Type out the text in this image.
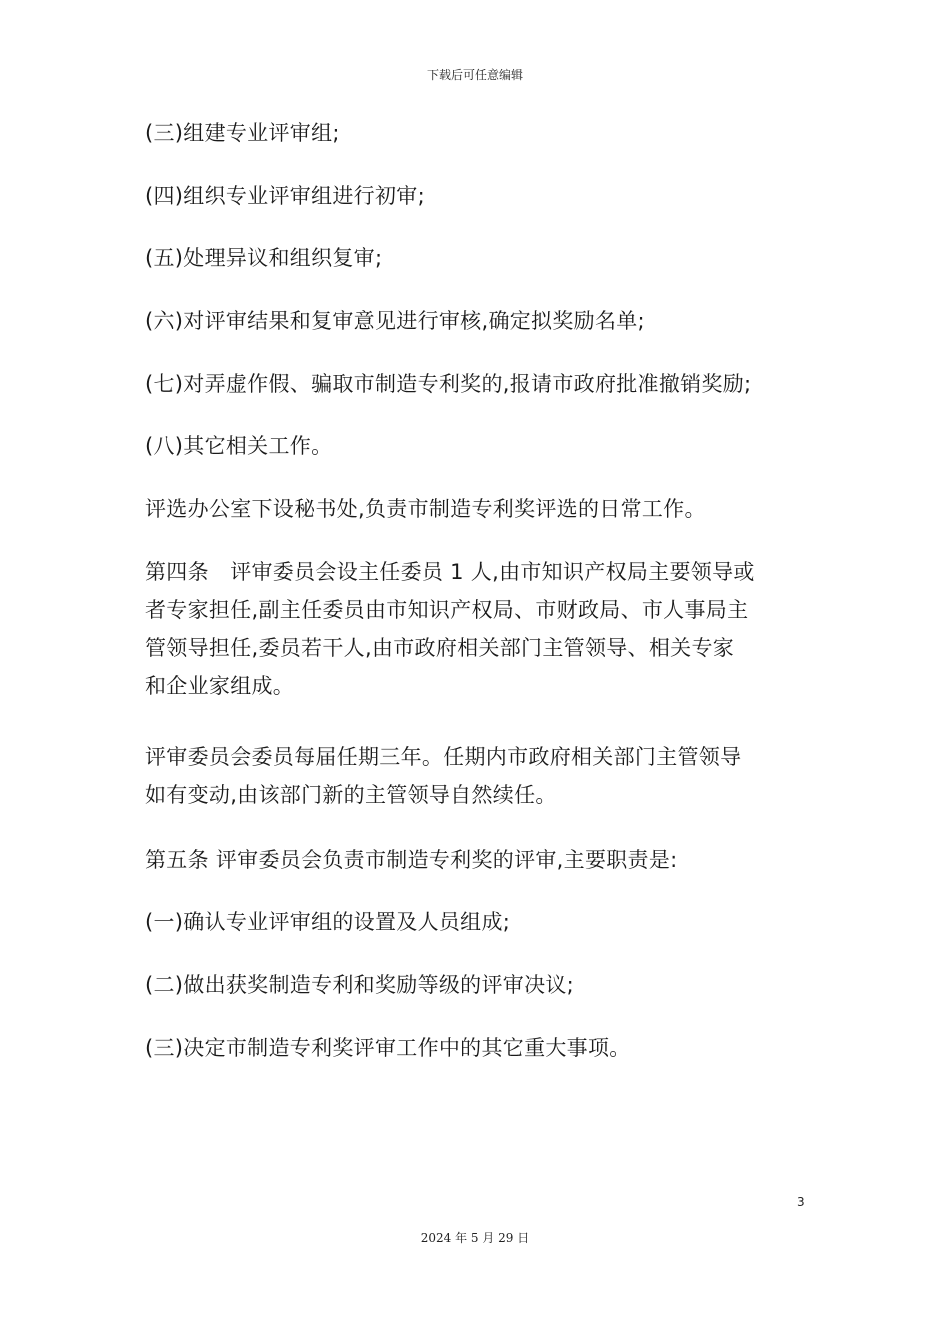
下载后可任意编辑
(三)组建专业评审组;
(四)组织专业评审组进行初审;
(五)处理异议和组织复审;
(六)对评审结果和复审意见进行审核,确定拟奖励名单;
(七)对弄虚作假、骗取市制造专利奖的,报请市政府批准撤销奖励;
(八)其它相关工作。
评选办公室下设秘书处,负责市制造专利奖评选的日常工作。
第四条　评审委员会设主任委员 1 人,由市知识产权局主要领导或
者专家担任,副主任委员由市知识产权局、市财政局、市人事局主
管领导担任,委员若干人,由市政府相关部门主管领导、相关专家
和企业家组成。
评审委员会委员每届任期三年。任期内市政府相关部门主管领导
如有变动,由该部门新的主管领导自然续任。
第五条 评审委员会负责市制造专利奖的评审,主要职责是:
(一)确认专业评审组的设置及人员组成;
(二)做出获奖制造专利和奖励等级的评审决议;
(三)决定市制造专利奖评审工作中的其它重大事项。
3
2024 年 5 月 29 日
